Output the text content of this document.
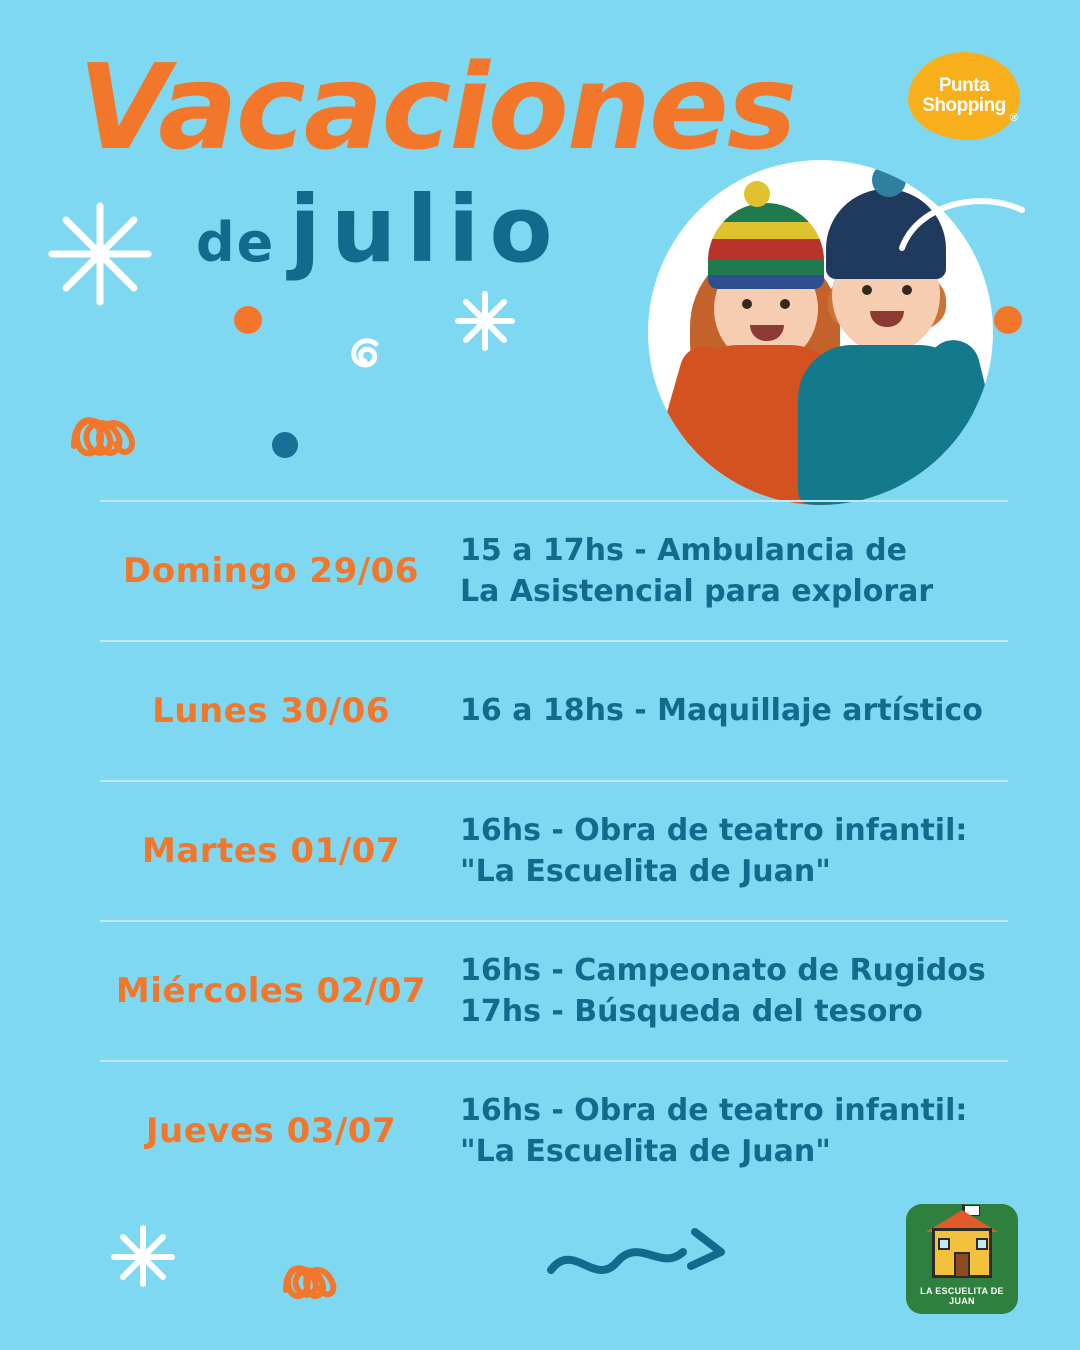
Vacaciones
de julio
Punta
Shopping
®
Domingo 29/06
15 a 17hs - Ambulancia de
La Asistencial para explorar
Lunes 30/06	16 a 18hs - Maquillaje artístico
Martes 01/07
16hs - Obra de teatro infantil:
"La Escuelita de Juan"
Miércoles 02/07
16hs - Campeonato de Rugidos
17hs - Búsqueda del tesoro
Jueves 03/07
16hs - Obra de teatro infantil:
"La Escuelita de Juan"
LA ESCUELITA DE JUAN
